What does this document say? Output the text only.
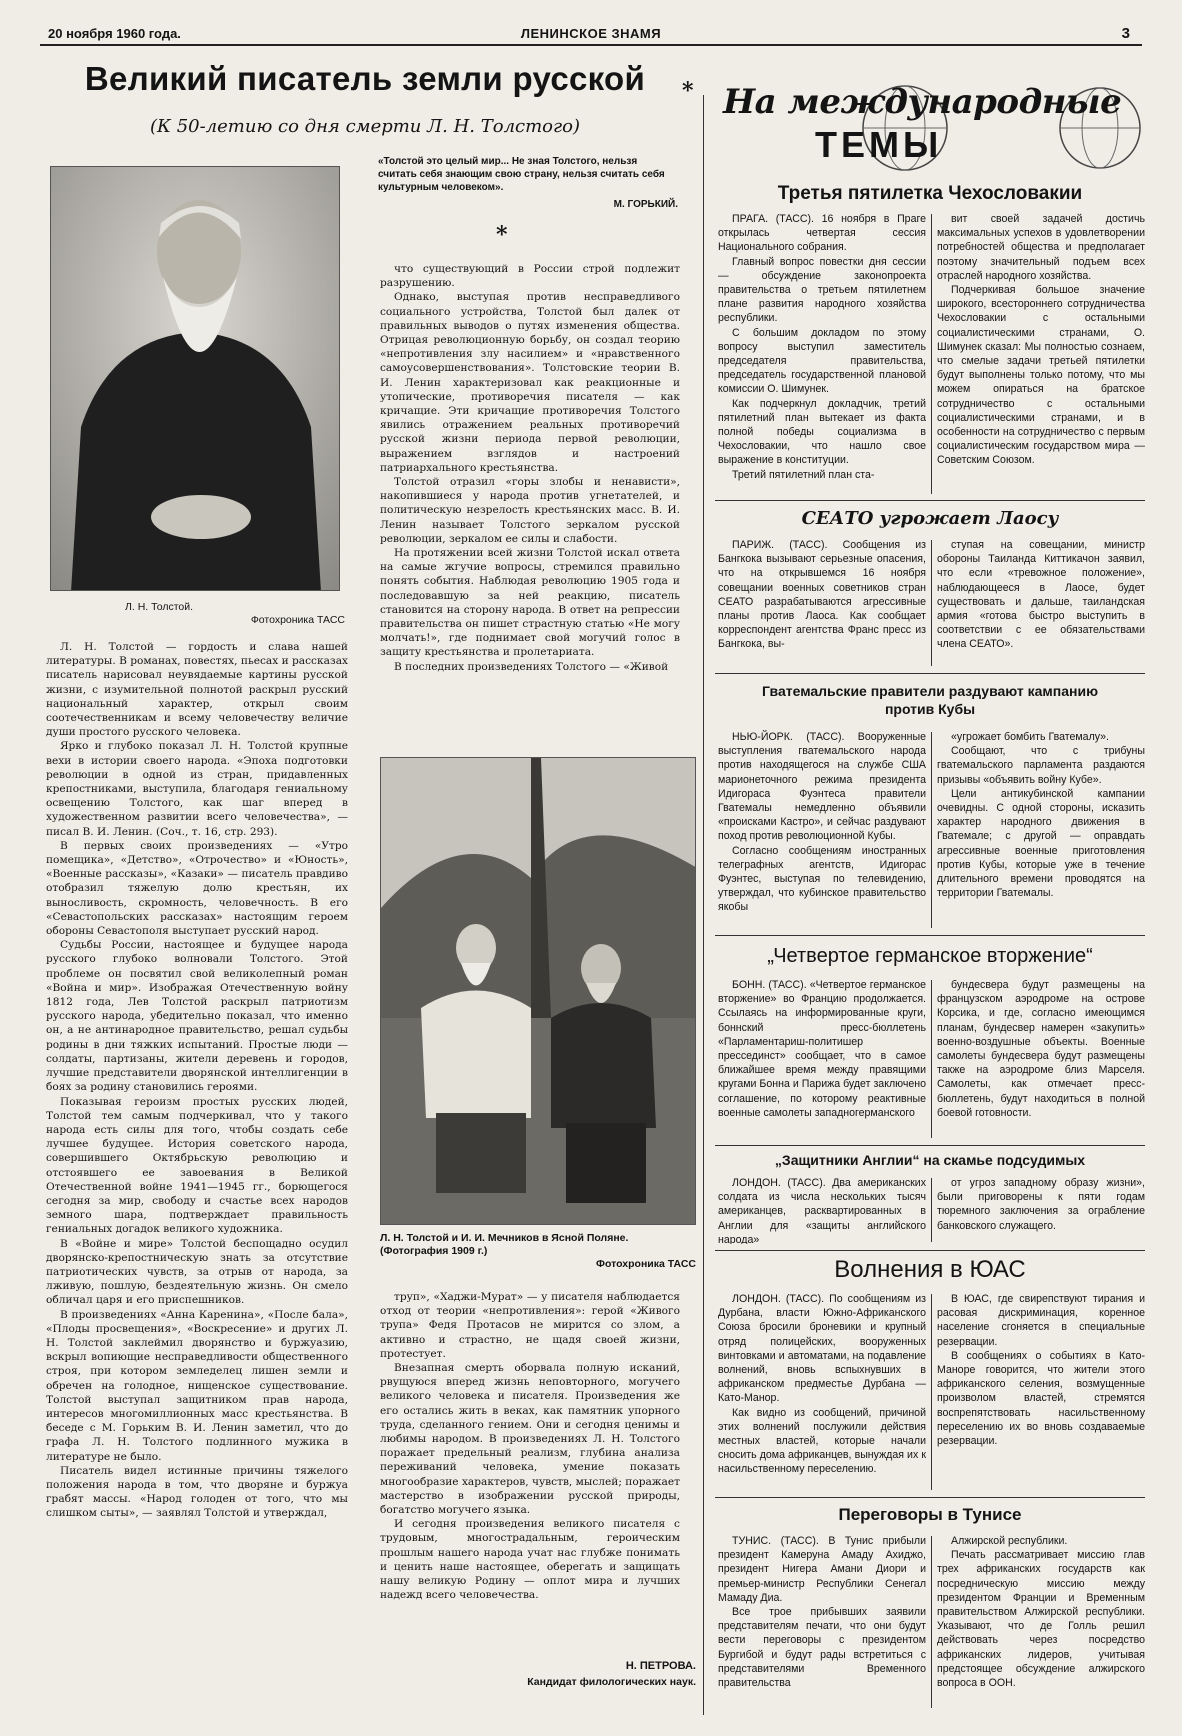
20 ноября 1960 года.	ЛЕНИНСКОЕ ЗНАМЯ	3
Великий писатель земли русской	*
(К 50-летию со дня смерти Л. Н. Толстого)
«Толстой это целый мир... Не зная Толстого, нельзя считать себя знающим свою страну, нельзя считать себя культурным человеком».
М. ГОРЬКИЙ.
*
Л. Н. Толстой.
Фотохроника ТАСС

Л. Н. Толстой — гордость и слава нашей литературы. В романах, повестях, пьесах и рассказах писатель нарисовал неувядаемые картины русской жизни, с изумительной полнотой раскрыл русский национальный характер, открыл своим соотечественникам и всему человечеству величие души простого русского человека.

Ярко и глубоко показал Л. Н. Толстой крупные вехи в истории своего народа. «Эпоха подготовки революции в одной из стран, придавленных крепостниками, выступила, благодаря гениальному освещению Толстого, как шаг вперед в художественном развитии всего человечества», — писал В. И. Ленин. (Соч., т. 16, стр. 293).

В первых своих произведениях — «Утро помещика», «Детство», «Отрочество» и «Юность», «Военные рассказы», «Казаки» — писатель правдиво отобразил тяжелую долю крестьян, их выносливость, скромность, человечность. В его «Севастопольских рассказах» настоящим героем обороны Севастополя выступает русский народ.

Судьбы России, настоящее и будущее народа русского глубоко волновали Толстого. Этой проблеме он посвятил свой великолепный роман «Война и мир». Изображая Отечественную войну 1812 года, Лев Толстой раскрыл патриотизм русского народа, убедительно показал, что именно он, а не антинародное правительство, решал судьбы родины в дни тяжких испытаний. Простые люди — солдаты, партизаны, жители деревень и городов, лучшие представители дворянской интеллигенции в боях за родину становились героями.

Показывая героизм простых русских людей, Толстой тем самым подчеркивал, что у такого народа есть силы для того, чтобы создать себе лучшее будущее. История советского народа, совершившего Октябрьскую революцию и отстоявшего ее завоевания в Великой Отечественной войне 1941—1945 гг., борющегося сегодня за мир, свободу и счастье всех народов земного шара, подтверждает правильность гениальных догадок великого художника.

В «Войне и мире» Толстой беспощадно осудил дворянско-крепостническую знать за отсутствие патриотических чувств, за отрыв от народа, за лживую, пошлую, бездеятельную жизнь. Он смело обличал царя и его приспешников.

В произведениях «Анна Каренина», «После бала», «Плоды просвещения», «Воскресение» и других Л. Н. Толстой заклеймил дворянство и буржуазию, вскрыл вопиющие несправедливости общественного строя, при котором земледелец лишен земли и обречен на голодное, нищенское существование. Толстой выступал защитником прав народа, интересов многомиллионных масс крестьянства. В беседе с М. Горьким В. И. Ленин заметил, что до графа Л. Н. Толстого подлинного мужика в литературе не было.

Писатель видел истинные причины тяжелого положения народа в том, что дворяне и буржуа грабят массы. «Народ голоден от того, что мы слишком сыты», — заявлял Толстой и утверждал,

что существующий в России строй подлежит разрушению.

Однако, выступая против несправедливого социального устройства, Толстой был далек от правильных выводов о путях изменения общества. Отрицая революционную борьбу, он создал теорию «непротивления злу насилием» и «нравственного самоусовершенствования». Толстовские теории В. И. Ленин характеризовал как реакционные и утопические, противоречия писателя — как кричащие. Эти кричащие противоречия Толстого явились отражением реальных противоречий русской жизни периода первой революции, выражением взглядов и настроений патриархального крестьянства.

Толстой отразил «горы злобы и ненависти», накопившиеся у народа против угнетателей, и политическую незрелость крестьянских масс. В. И. Ленин называет Толстого зеркалом русской революции, зеркалом ее силы и слабости.

На протяжении всей жизни Толстой искал ответа на самые жгучие вопросы, стремился правильно понять события. Наблюдая революцию 1905 года и последовавшую за ней реакцию, писатель становится на сторону народа. В ответ на репрессии правительства он пишет страстную статью «Не могу молчать!», где поднимает свой могучий голос в защиту крестьянства и пролетариата.

В последних произведениях Толстого — «Живой

Л. Н. Толстой и И. И. Мечников в Ясной Поляне. (Фотография 1909 г.)
Фотохроника ТАСС

труп», «Хаджи-Мурат» — у писателя наблюдается отход от теории «непротивления»: герой «Живого трупа» Федя Протасов не мирится со злом, а активно и страстно, не щадя своей жизни, протестует.

Внезапная смерть оборвала полную исканий, рвущуюся вперед жизнь неповторного, могучего великого человека и писателя. Произведения же его остались жить в веках, как памятник упорного труда, сделанного гением. Они и сегодня ценимы и любимы народом. В произведениях Л. Н. Толстого поражает предельный реализм, глубина анализа переживаний человека, умение показать многообразие характеров, чувств, мыслей; поражает мастерство в изображении русской природы, богатство могучего языка.

И сегодня произведения великого писателя с трудовым, многострадальным, героическим прошлым нашего народа учат нас глубже понимать и ценить наше настоящее, оберегать и защищать нашу великую Родину — оплот мира и лучших надежд всего человечества.

Н. ПЕТРОВА.
Кандидат филологических наук.
На международные
ТЕМЫ
Третья пятилетка Чехословакии

ПРАГА. (ТАСС). 16 ноября в Праге открылась четвертая сессия Национального собрания.

Главный вопрос повестки дня сессии — обсуждение законопроекта правительства о третьем пятилетнем плане развития народного хозяйства республики.

С большим докладом по этому вопросу выступил заместитель председателя правительства, председатель государственной плановой комиссии О. Шимунек.

Как подчеркнул докладчик, третий пятилетний план вытекает из факта полной победы социализма в Чехословакии, что нашло свое выражение в конституции.

Третий пятилетний план ста-

вит своей задачей достичь максимальных успехов в удовлетворении потребностей общества и предполагает поэтому значительный подъем всех отраслей народного хозяйства.

Подчеркивая большое значение широкого, всестороннего сотрудничества Чехословакии с остальными социалистическими странами, О. Шимунек сказал: Мы полностью сознаем, что смелые задачи третьей пятилетки будут выполнены только потому, что мы можем опираться на братское сотрудничество с остальными социалистическими странами, и в особенности на сотрудничество с первым социалистическим государством мира — Советским Союзом.

СЕАТО угрожает Лаосу

ПАРИЖ. (ТАСС). Сообщения из Бангкока вызывают серьезные опасения, что на открывшемся 16 ноября совещании военных советников стран СЕАТО разрабатываются агрессивные планы против Лаоса. Как сообщает корреспондент агентства Франс пресс из Бангкока, вы-

ступая на совещании, министр обороны Таиланда Киттикачон заявил, что если «тревожное положение», наблюдающееся в Лаосе, будет существовать и дальше, таиландская армия «готова быстро выступить в соответствии с ее обязательствами члена СЕАТО».

Гватемальские правители раздувают кампанию против Кубы

НЬЮ-ЙОРК. (ТАСС). Вооруженные выступления гватемальского народа против находящегося на службе США марионеточного режима президента Идигораса Фуэнтеса правители Гватемалы немедленно объявили «происками Кастро», и сейчас раздувают поход против революционной Кубы.

Согласно сообщениям иностранных телеграфных агентств, Идигорас Фуэнтес, выступая по телевидению, утверждал, что кубинское правительство якобы

«угрожает бомбить Гватемалу».

Сообщают, что с трибуны гватемальского парламента раздаются призывы «объявить войну Кубе».

Цели антикубинской кампании очевидны. С одной стороны, исказить характер народного движения в Гватемале; с другой — оправдать агрессивные военные приготовления против Кубы, которые уже в течение длительного времени проводятся на территории Гватемалы.

„Четвертое германское вторжение“

БОНН. (ТАСС). «Четвертое германское вторжение» во Францию продолжается. Ссылаясь на информированные круги, боннский пресс-бюллетень «Парламентариш-политишер прессединст» сообщает, что в самое ближайшее время между правящими кругами Бонна и Парижа будет заключено соглашение, по которому реактивные военные самолеты западногерманского

бундесвера будут размещены на французском аэродроме на острове Корсика, и где, согласно имеющимся планам, бундесвер намерен «закупить» военно-воздушные объекты. Военные самолеты бундесвера будут размещены также на аэродроме близ Марселя. Самолеты, как отмечает пресс-бюллетень, будут находиться в полной боевой готовности.

„Защитники Англии“ на скамье подсудимых

ЛОНДОН. (ТАСС). Два американских солдата из числа нескольких тысяч американцев, расквартированных в Англии для «защиты английского народа»

от угроз западному образу жизни», были приговорены к пяти годам тюремного заключения за ограбление банковского служащего.

Волнения в ЮАС

ЛОНДОН. (ТАСС). По сообщениям из Дурбана, власти Южно-Африканского Союза бросили броневики и крупный отряд полицейских, вооруженных винтовками и автоматами, на подавление волнений, вновь вспыхнувших в африканском предместье Дурбана — Като-Манор.

Как видно из сообщений, причиной этих волнений послужили действия местных властей, которые начали сносить дома африканцев, вынуждая их к насильственному переселению.

В ЮАС, где свирепствуют тирания и расовая дискриминация, коренное население сгоняется в специальные резервации.

В сообщениях о событиях в Като-Маноре говорится, что жители этого африканского селения, возмущенные произволом властей, стремятся воспрепятствовать насильственному переселению их во вновь создаваемые резервации.

Переговоры в Тунисе

ТУНИС. (ТАСС). В Тунис прибыли президент Камеруна Амаду Ахиджо, президент Нигера Амани Диори и премьер-министр Республики Сенегал Мамаду Диа.

Все трое прибывших заявили представителям печати, что они будут вести переговоры с президентом Бургибой и будут рады встретиться с представителями Временного правительства

Алжирской республики.

Печать рассматривает миссию глав трех африканских государств как посредническую миссию между президентом Франции и Временным правительством Алжирской республики. Указывают, что де Голль решил действовать через посредство африканских лидеров, учитывая предстоящее обсуждение алжирского вопроса в ООН.
